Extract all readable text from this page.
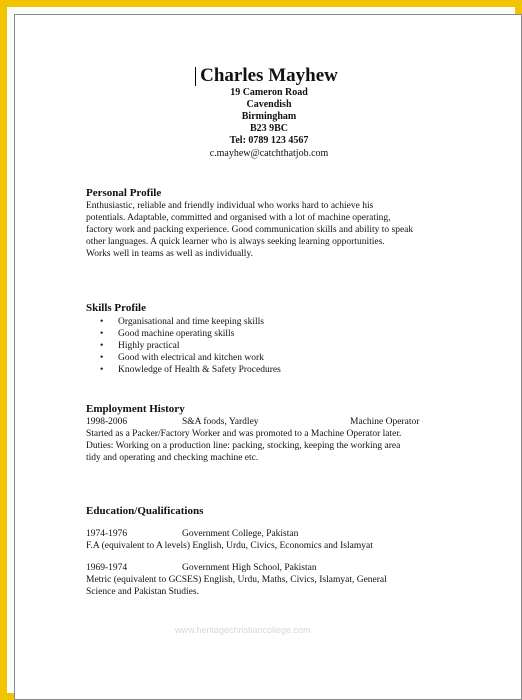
Charles Mayhew
19 Cameron Road
Cavendish
Birmingham
B23 9BC
Tel: 0789 123 4567
c.mayhew@catchthatjob.com
Personal Profile
Enthusiastic, reliable and friendly individual who works hard to achieve his
potentials. Adaptable, committed and organised with a lot of machine operating,
factory work and packing experience. Good communication skills and ability to speak
other languages. A quick learner who is always seeking learning opportunities.
Works well in teams as well as individually.
Skills Profile
• Organisational and time keeping skills
• Good machine operating skills
• Highly practical
• Good with electrical and kitchen work
• Knowledge of Health & Safety Procedures
Employment History
1998-2006	S&A foods, Yardley	Machine Operator
Started as a Packer/Factory Worker and was promoted to a Machine Operator later.
Duties: Working on a production line: packing, stocking, keeping the working area
tidy and operating and checking machine etc.
Education/Qualifications
1974-1976	Government College, Pakistan
F.A (equivalent to A levels) English, Urdu, Civics, Economics and Islamyat
1969-1974	Government High School, Pakistan
Metric (equivalent to GCSES) English, Urdu, Maths, Civics, Islamyat, General
Science and Pakistan Studies.
www.heritagechristiancollege.com
